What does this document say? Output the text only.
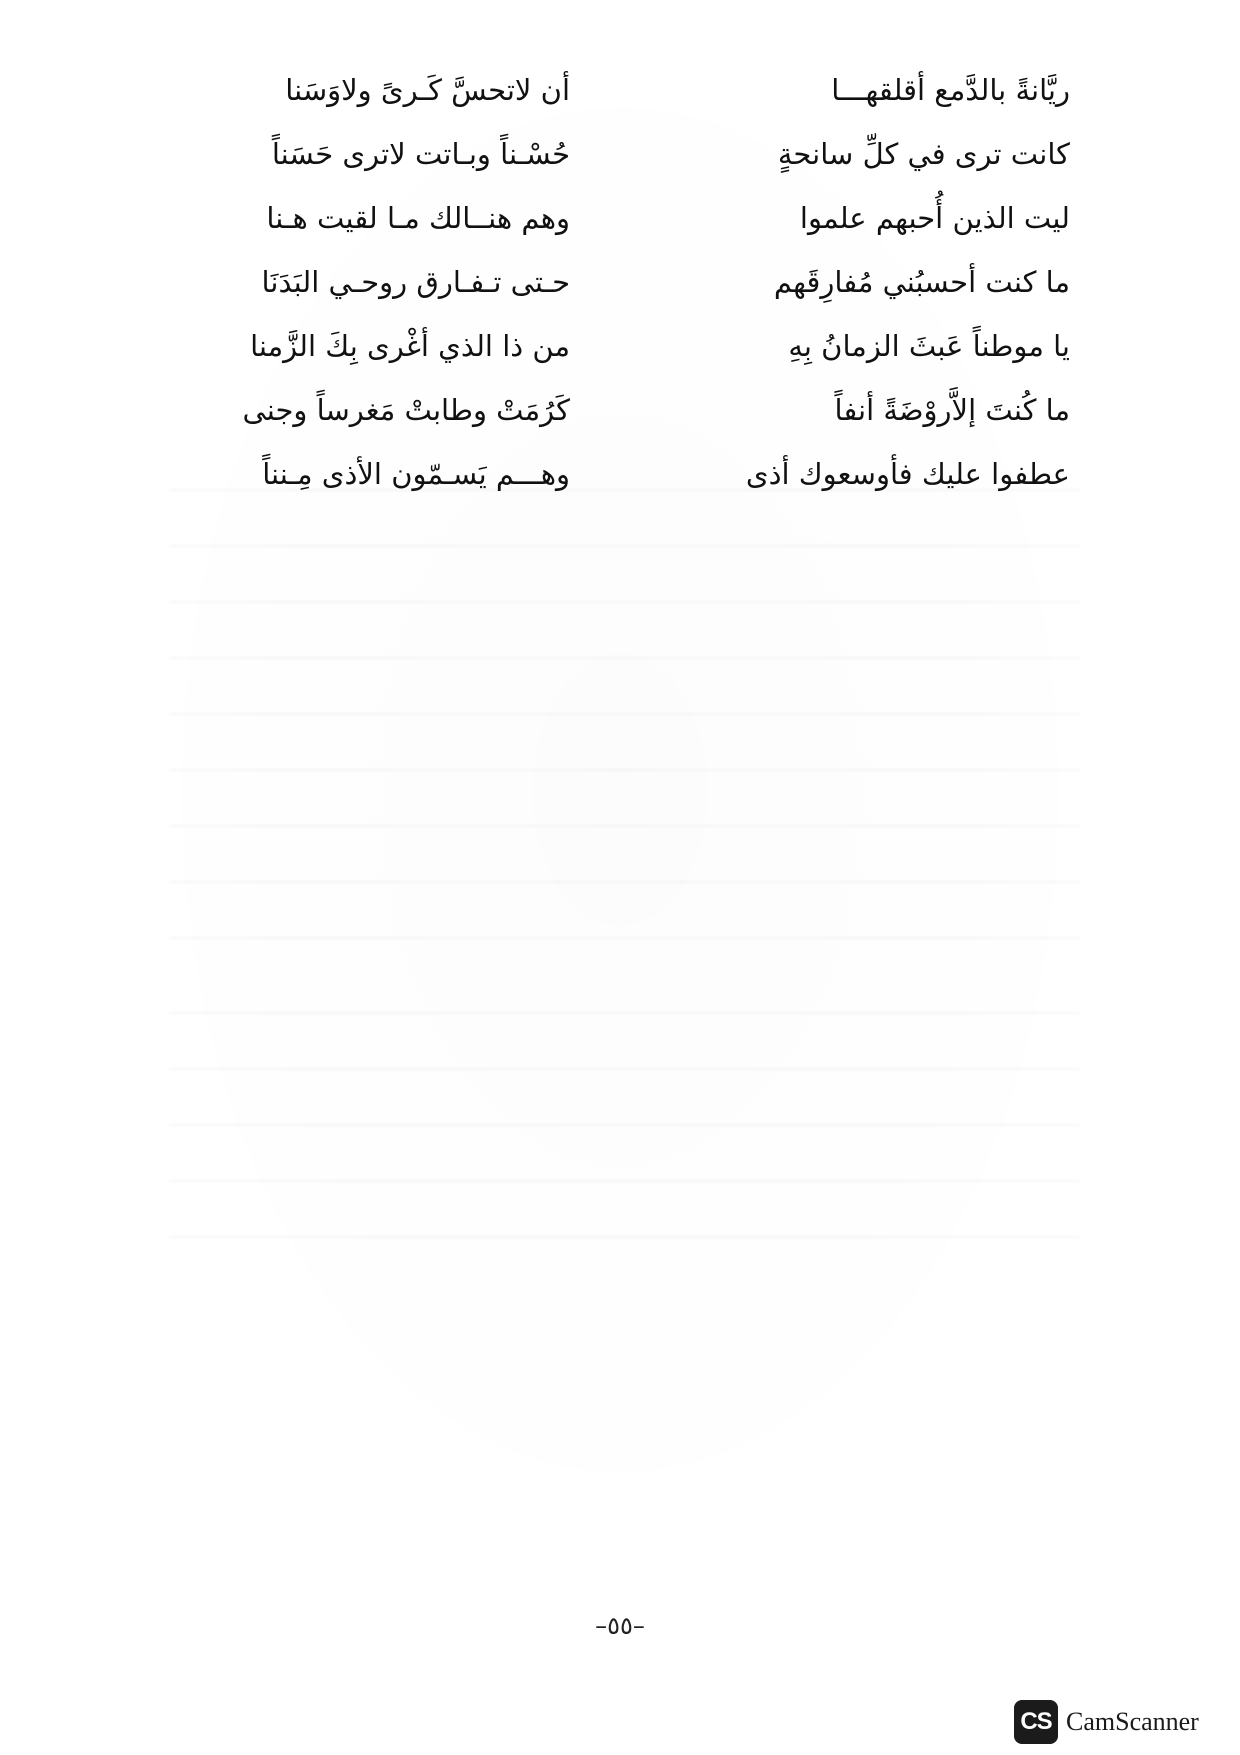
ريَّانةً بالدَّمع أقلقهـــا
أن لاتحسَّ كَـرىً ولاوَسَنا
كانت ترى في كلِّ سانحةٍ
حُسْـناً وبـاتت لاترى حَسَناً
ليت الذين أُحبهم علموا
وهم هنــالك مـا لقيت هـنا
ما كنت أحسبُني مُفارِقَهم
حـتى تـفـارق روحـي البَدَنَا
يا موطناً عَبثَ الزمانُ بِهِ
من ذا الذي أغْرى بِكَ الزَّمنا
ما كُنتَ إلاَّروْضَةً أنفاً
كَرُمَتْ وطابتْ مَغرساً وجنى
عطفوا عليك فأوسعوك أذى
وهـــم يَسـمّون الأذى مِـنناً
–٥٥–
CS CamScanner
